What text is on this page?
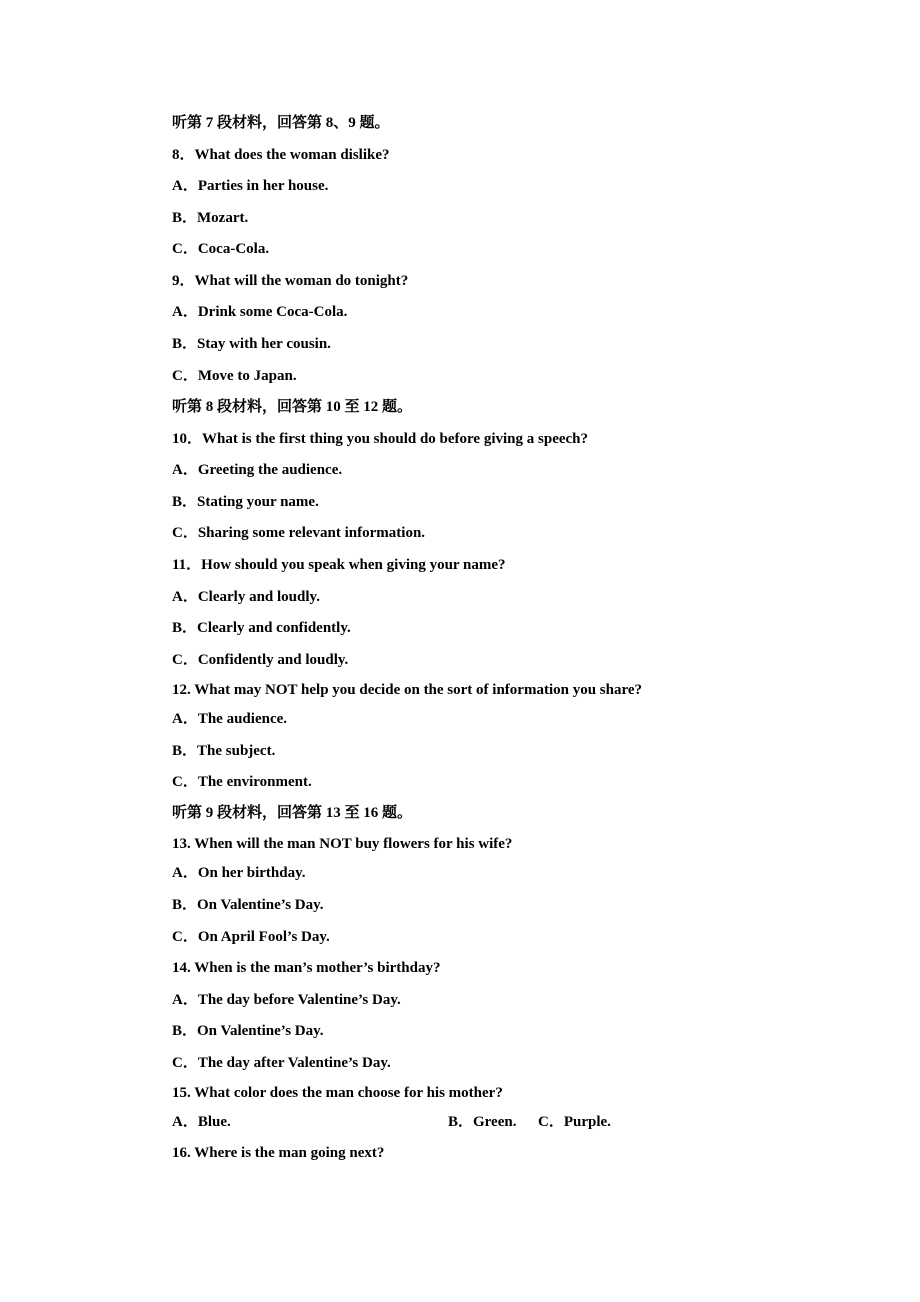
听第 7 段材料，回答第 8、9 题。

8．What does the woman dislike?

A．Parties in her house.

B．Mozart.

C．Coca-Cola.

9．What will the woman do tonight?

A．Drink some Coca-Cola.

B．Stay with her cousin.

C．Move to Japan.

听第 8 段材料，回答第 10 至 12 题。

10．What is the first thing you should do before giving a speech?

A．Greeting the audience.

B．Stating your name.

C．Sharing some relevant information.

11．How should you speak when giving your name?

A．Clearly and loudly.

B．Clearly and confidently.

C．Confidently and loudly.

12. What may NOT help you decide on the sort of information you share?

A．The audience.

B．The subject.

C．The environment.

听第 9 段材料，回答第 13 至 16 题。

13. When will the man NOT buy flowers for his wife?

A．On her birthday.

B．On Valentine’s Day.

C．On April Fool’s Day.

14. When is the man’s mother’s birthday?

A．The day before Valentine’s Day.

B．On Valentine’s Day.

C．The day after Valentine’s Day.

15. What color does the man choose for his mother?

A．Blue.	B．Green. C．Purple.

16. Where is the man going next?
